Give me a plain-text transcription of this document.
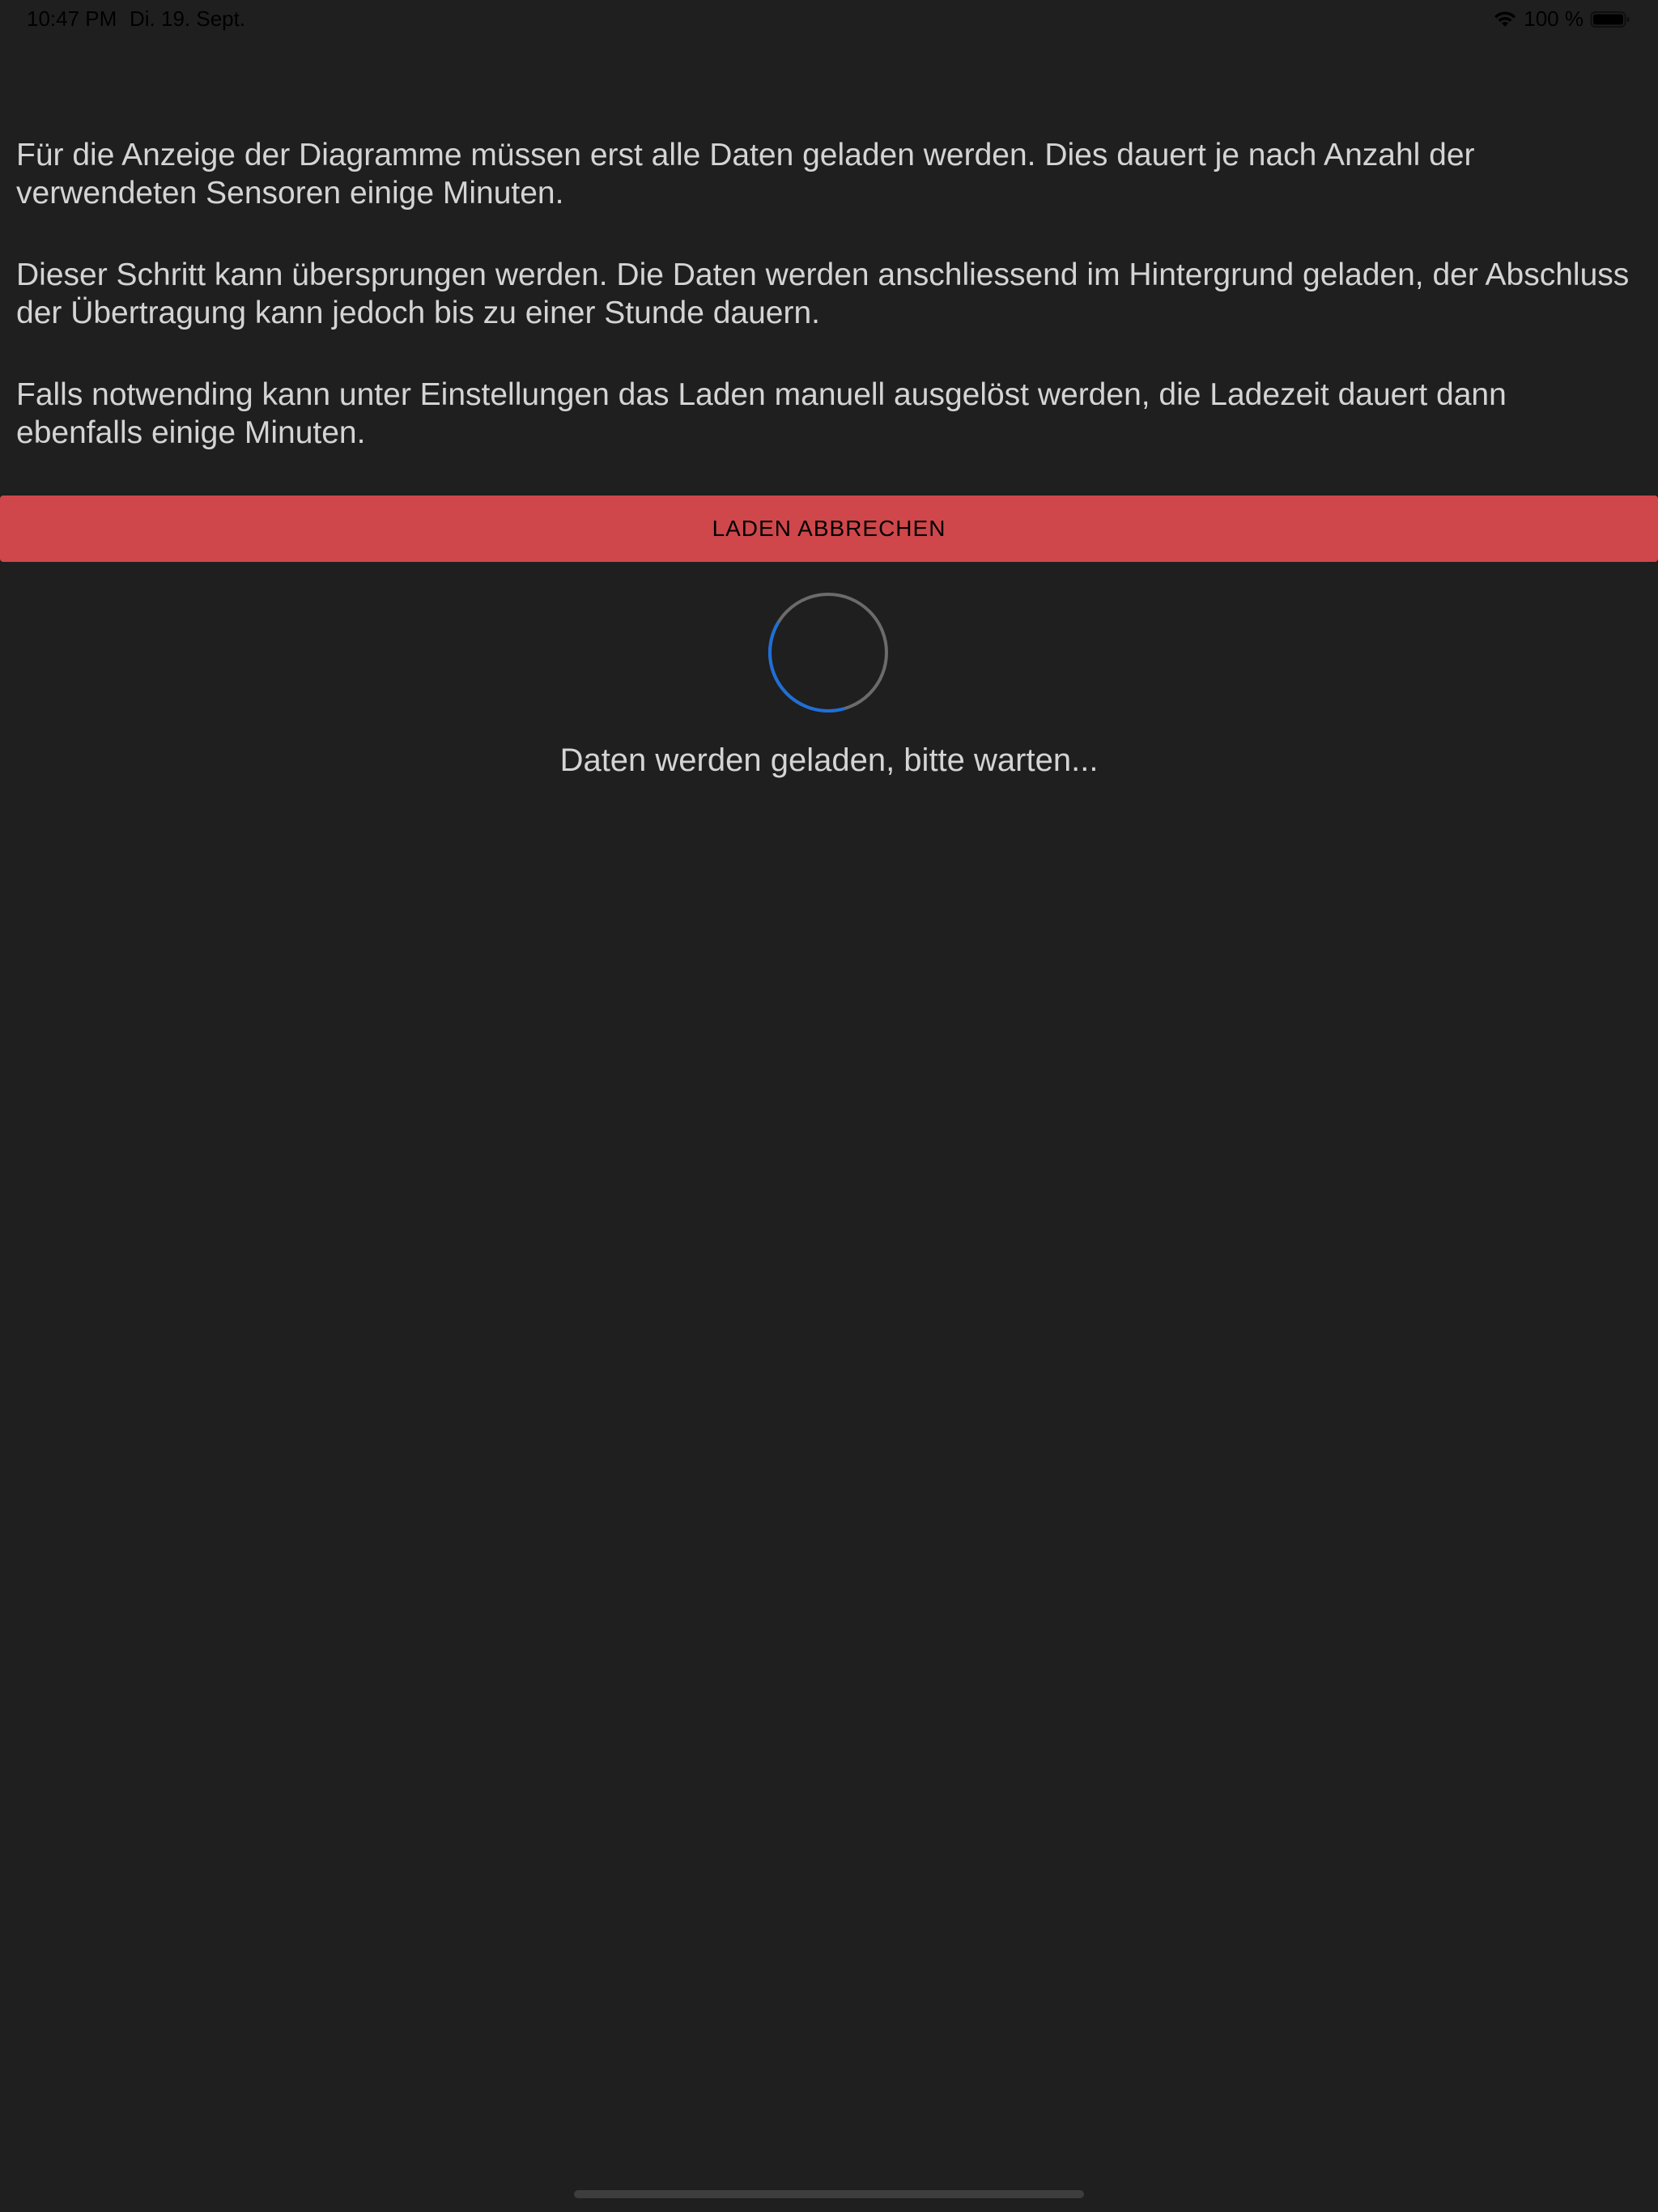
10:47 PM Di. 19. Sept.	100 %

Für die Anzeige der Diagramme müssen erst alle Daten geladen werden. Dies dauert je nach Anzahl der verwendeten Sensoren einige Minuten.

Dieser Schritt kann übersprungen werden. Die Daten werden anschliessend im Hintergrund geladen, der Abschluss der Übertragung kann jedoch bis zu einer Stunde dauern.

Falls notwending kann unter Einstellungen das Laden manuell ausgelöst werden, die Ladezeit dauert dann ebenfalls einige Minuten.

LADEN ABBRECHEN
Daten werden geladen, bitte warten...
